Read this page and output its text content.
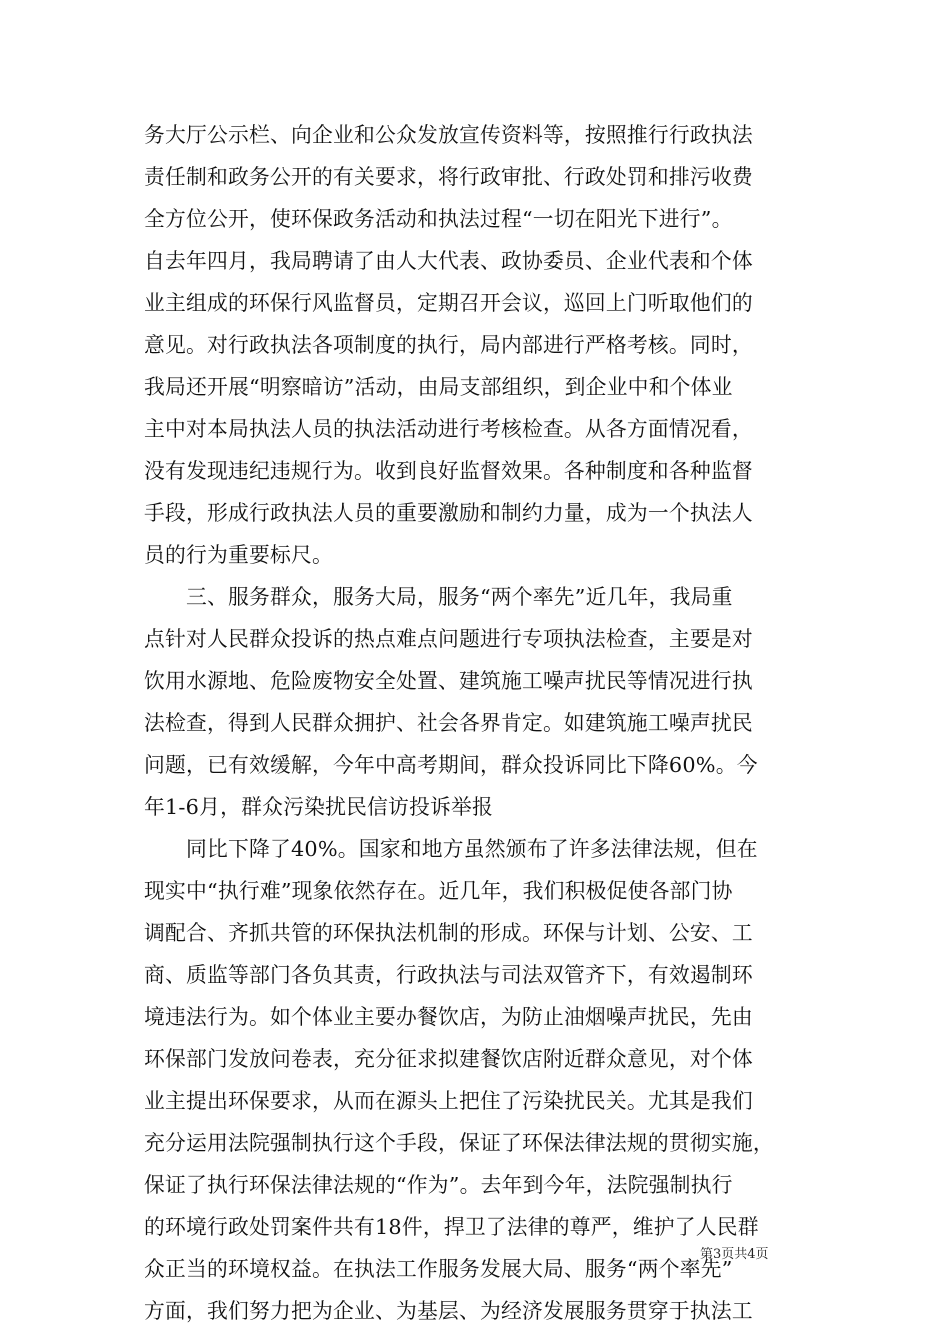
务大厅公示栏、向企业和公众发放宣传资料等，按照推行行政执法
责任制和政务公开的有关要求，将行政审批、行政处罚和排污收费
全方位公开，使环保政务活动和执法过程“一切在阳光下进行”。
自去年四月，我局聘请了由人大代表、政协委员、企业代表和个体
业主组成的环保行风监督员，定期召开会议，巡回上门听取他们的
意见。对行政执法各项制度的执行，局内部进行严格考核。同时，
我局还开展“明察暗访”活动，由局支部组织，到企业中和个体业
主中对本局执法人员的执法活动进行考核检查。从各方面情况看，
没有发现违纪违规行为。收到良好监督效果。各种制度和各种监督
手段，形成行政执法人员的重要激励和制约力量，成为一个执法人
员的行为重要标尺。
三、服务群众，服务大局，服务“两个率先”近几年，我局重
点针对人民群众投诉的热点难点问题进行专项执法检查，主要是对
饮用水源地、危险废物安全处置、建筑施工噪声扰民等情况进行执
法检查，得到人民群众拥护、社会各界肯定。如建筑施工噪声扰民
问题，已有效缓解，今年中高考期间，群众投诉同比下降60%。今
年1-6月，群众污染扰民信访投诉举报
同比下降了40%。国家和地方虽然颁布了许多法律法规，但在
现实中“执行难”现象依然存在。近几年，我们积极促使各部门协
调配合、齐抓共管的环保执法机制的形成。环保与计划、公安、工
商、质监等部门各负其责，行政执法与司法双管齐下，有效遏制环
境违法行为。如个体业主要办餐饮店，为防止油烟噪声扰民，先由
环保部门发放问卷表，充分征求拟建餐饮店附近群众意见，对个体
业主提出环保要求，从而在源头上把住了污染扰民关。尤其是我们
充分运用法院强制执行这个手段，保证了环保法律法规的贯彻实施，
保证了执行环保法律法规的“作为”。去年到今年，法院强制执行
的环境行政处罚案件共有18件，捍卫了法律的尊严，维护了人民群
众正当的环境权益。在执法工作服务发展大局、服务“两个率先”
方面，我们努力把为企业、为基层、为经济发展服务贯穿于执法工
第3页共4页
